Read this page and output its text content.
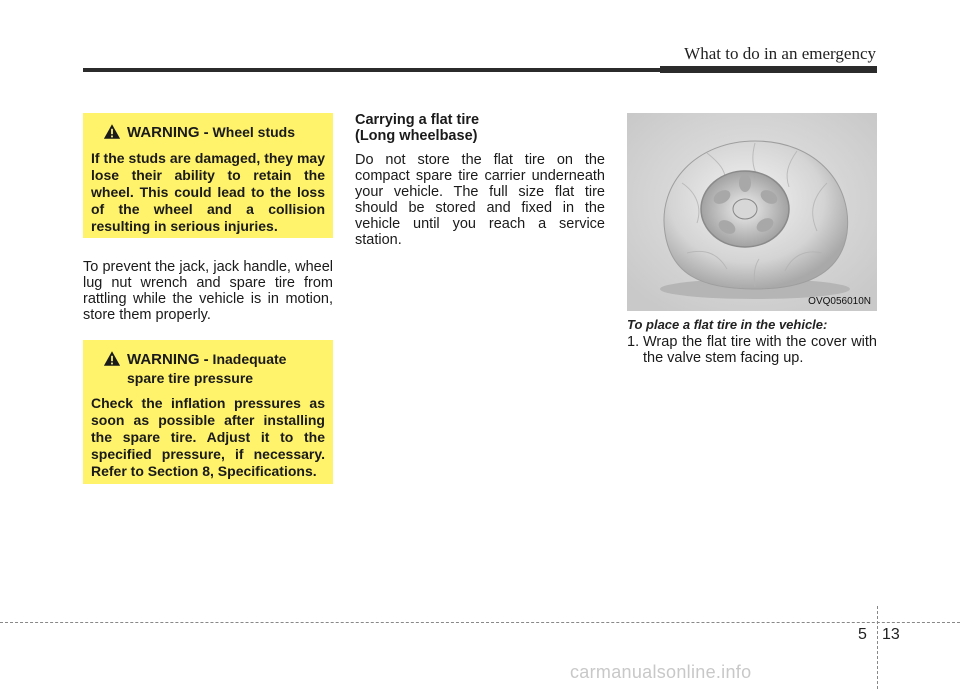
What to do in an emergency
WARNING - Wheel studs
If the studs are damaged, they may lose their ability to retain the wheel. This could lead to the loss of the wheel and a collision resulting in serious injuries.
To prevent the jack, jack handle, wheel lug nut wrench and spare tire from rattling while the vehicle is in motion, store them properly.
WARNING - Inadequate
spare tire pressure
Check the inflation pressures as soon as possible after installing the spare tire. Adjust it to the specified pressure, if necessary. Refer to Section 8, Specifications.
Carrying a flat tire
(Long wheelbase)
Do not store the flat tire on the compact spare tire carrier underneath your vehicle. The full size flat tire should be stored and fixed in the vehicle until you reach a service station.
OVQ056010N
To place a flat tire in the vehicle:
1. Wrap the flat tire with the cover with the valve stem facing up.
5 13
carmanualsonline.info
